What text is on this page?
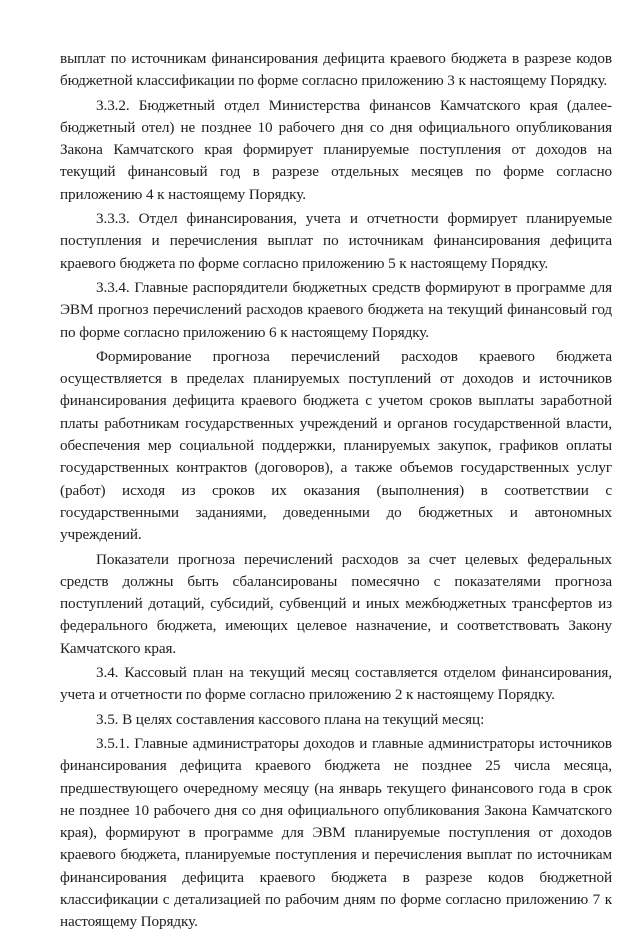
выплат по источникам финансирования дефицита краевого бюджета в разрезе кодов бюджетной классификации по форме согласно приложению 3 к настоящему Порядку.

3.3.2. Бюджетный отдел Министерства финансов Камчатского края (далее-бюджетный отел) не позднее 10 рабочего дня со дня официального опубликования Закона Камчатского края формирует планируемые поступления от доходов на текущий финансовый год в разрезе отдельных месяцев по форме согласно приложению 4 к настоящему Порядку.

3.3.3. Отдел финансирования, учета и отчетности формирует планируемые поступления и перечисления выплат по источникам финансирования дефицита краевого бюджета по форме согласно приложению 5 к настоящему Порядку.

3.3.4. Главные распорядители бюджетных средств формируют в программе для ЭВМ прогноз перечислений расходов краевого бюджета на текущий финансовый год по форме согласно приложению 6 к настоящему Порядку.

Формирование прогноза перечислений расходов краевого бюджета осуществляется в пределах планируемых поступлений от доходов и источников финансирования дефицита краевого бюджета с учетом сроков выплаты заработной платы работникам государственных учреждений и органов государственной власти, обеспечения мер социальной поддержки, планируемых закупок, графиков оплаты государственных контрактов (договоров), а также объемов государственных услуг (работ) исходя из сроков их оказания (выполнения) в соответствии с государственными заданиями, доведенными до бюджетных и автономных учреждений.

Показатели прогноза перечислений расходов за счет целевых федеральных средств должны быть сбалансированы помесячно с показателями прогноза поступлений дотаций, субсидий, субвенций и иных межбюджетных трансфертов из федерального бюджета, имеющих целевое назначение, и соответствовать Закону Камчатского края.

3.4. Кассовый план на текущий месяц составляется отделом финансирования, учета и отчетности по форме согласно приложению 2 к настоящему Порядку.

3.5. В целях составления кассового плана на текущий месяц:

3.5.1. Главные администраторы доходов и главные администраторы источников финансирования дефицита краевого бюджета не позднее 25 числа месяца, предшествующего очередному месяцу (на январь текущего финансового года в срок не позднее 10 рабочего дня со дня официального опубликования Закона Камчатского края), формируют в программе для ЭВМ планируемые поступления от доходов краевого бюджета, планируемые поступления и перечисления выплат по источникам финансирования дефицита краевого бюджета в разрезе кодов бюджетной классификации с детализацией по рабочим дням по форме согласно приложению 7 к настоящему Порядку.
